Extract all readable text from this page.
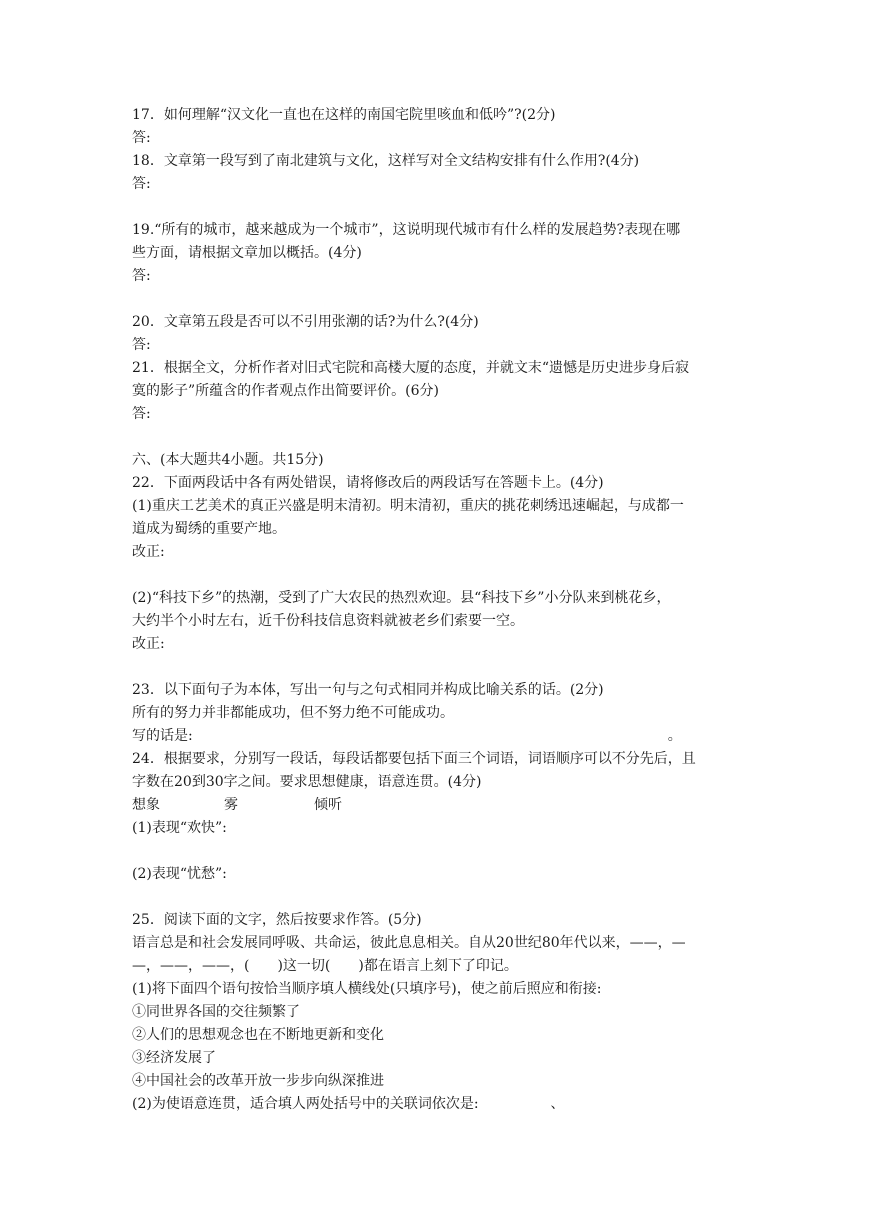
17．如何理解“汉文化一直也在这样的南国宅院里咳血和低吟”?(2分)
答:
18．文章第一段写到了南北建筑与文化，这样写对全文结构安排有什么作用?(4分)
答:
19.“所有的城市，越来越成为一个城市”，这说明现代城市有什么样的发展趋势?表现在哪
些方面，请根据文章加以概括。(4分)
答:
20．文章第五段是否可以不引用张潮的话?为什么?(4分)
答:
21．根据全文，分析作者对旧式宅院和高楼大厦的态度，并就文末“遗憾是历史进步身后寂
寞的影子”所蕴含的作者观点作出简要评价。(6分)
答:
六、(本大题共4小题。共15分)
22．下面两段话中各有两处错误，请将修改后的两段话写在答题卡上。(4分)
(1)重庆工艺美术的真正兴盛是明末清初。明末清初，重庆的挑花刺绣迅速崛起，与成都一
道成为蜀绣的重要产地。
改正:
(2)“科技下乡”的热潮，受到了广大农民的热烈欢迎。县“科技下乡”小分队来到桃花乡，
大约半个小时左右，近千份科技信息资料就被老乡们索要一空。
改正:
23．以下面句子为本体，写出一句与之句式相同并构成比喻关系的话。(2分)
所有的努力并非都能成功，但不努力绝不可能成功。
写的话是:	。
24．根据要求，分别写一段话，每段话都要包括下面三个词语，词语顺序可以不分先后，且
字数在20到30字之间。要求思想健康，语意连贯。(4分)
想象	雾	倾听
(1)表现“欢快”:
(2)表现“忧愁”:
25．阅读下面的文字，然后按要求作答。(5分)
语言总是和社会发展同呼吸、共命运，彼此息息相关。自从20世纪80年代以来，——，—
—，——，——，(　　)这一切(　　)都在语言上刻下了印记。
(1)将下面四个语句按恰当顺序填人横线处(只填序号)，使之前后照应和衔接:
①同世界各国的交往频繁了
②人们的思想观念也在不断地更新和变化
③经济发展了
④中国社会的改革开放一步步向纵深推进
(2)为使语意连贯，适合填人两处括号中的关联词依次是:	、
